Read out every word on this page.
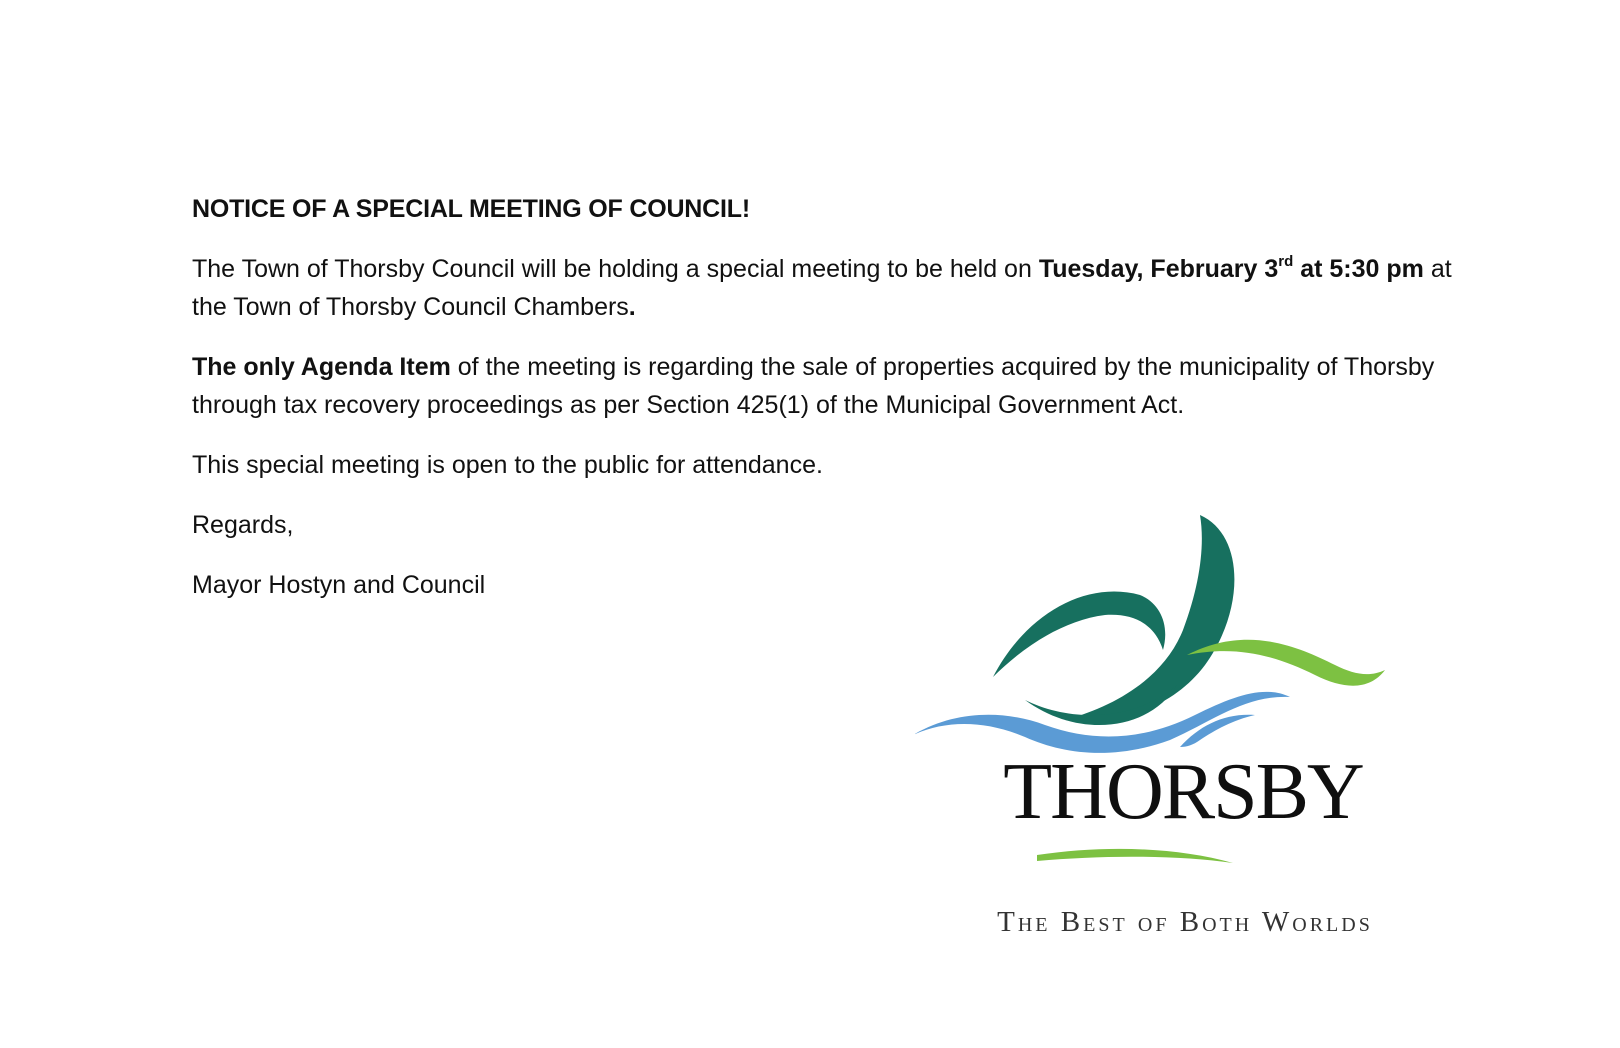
NOTICE OF A SPECIAL MEETING OF COUNCIL!

The Town of Thorsby Council will be holding a special meeting to be held on Tuesday, February 3rd at 5:30 pm at the Town of Thorsby Council Chambers.

The only Agenda Item of the meeting is regarding the sale of properties acquired by the municipality of Thorsby through tax recovery proceedings as per Section 425(1) of the Municipal Government Act.

This special meeting is open to the public for attendance.

Regards,

Mayor Hostyn and Council

THORSBY
The Best of Both Worlds
